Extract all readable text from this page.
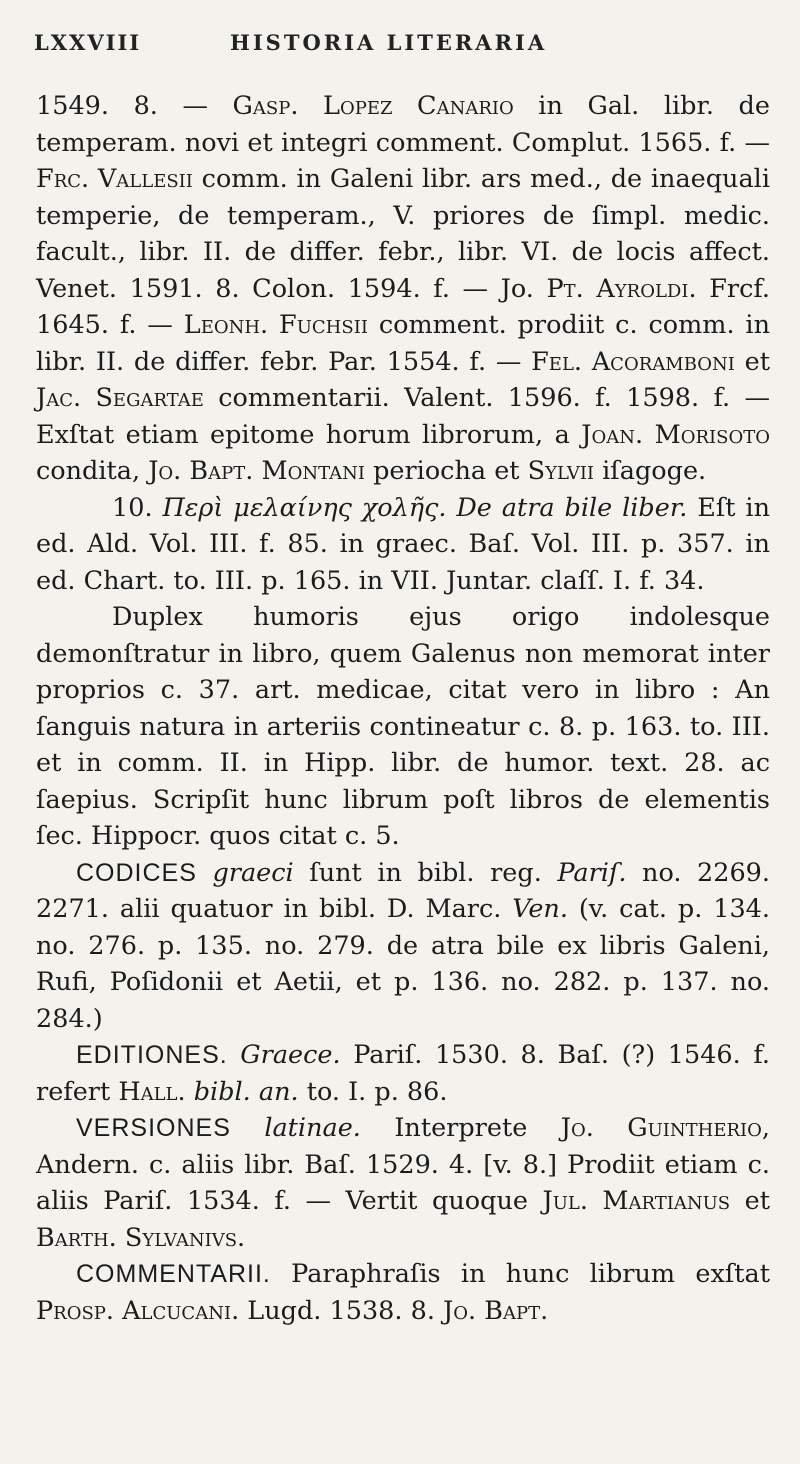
LXXVIII	HISTORIA LITERARIA

1549. 8. — Gasp. Lopez Canario in Gal. libr. de temperam. novi et integri comment. Complut. 1565. f. — Frc. Vallesii comm. in Galeni libr. ars med., de inaequali temperie, de temperam., V. priores de ſimpl. medic. facult., libr. II. de differ. febr., libr. VI. de locis affect. Venet. 1591. 8. Colon. 1594. f. — Jo. Pt. Ayroldi. Frcf. 1645. f. — Leonh. Fuchsii comment. prodiit c. comm. in libr. II. de differ. febr. Par. 1554. f. — Fel. Acoramboni et Jac. Segartae commentarii. Valent. 1596. f. 1598. f. — Exſtat etiam epitome horum librorum, a Joan. Morisoto condita, Jo. Bapt. Montani periocha et Sylvii iſagoge.

10. Περὶ μελαίνης χολῆς. De atra bile liber. Eſt in ed. Ald. Vol. III. f. 85. in graec. Baſ. Vol. III. p. 357. in ed. Chart. to. III. p. 165. in VII. Juntar. claſſ. I. f. 34.

Duplex humoris ejus origo indolesque demonſtratur in libro, quem Galenus non memorat inter proprios c. 37. art. medicae, citat vero in libro : An ſanguis natura in arteriis contineatur c. 8. p. 163. to. III. et in comm. II. in Hipp. libr. de humor. text. 28. ac ſaepius. Scripſit hunc librum poſt libros de elementis ſec. Hippocr. quos citat c. 5.

CODICES graeci ſunt in bibl. reg. Pariſ. no. 2269. 2271. alii quatuor in bibl. D. Marc. Ven. (v. cat. p. 134. no. 276. p. 135. no. 279. de atra bile ex libris Galeni, Rufi, Poſidonii et Aetii, et p. 136. no. 282. p. 137. no. 284.)

EDITIONES. Graece. Pariſ. 1530. 8. Baſ. (?) 1546. f. refert Hall. bibl. an. to. I. p. 86.

VERSIONES latinae. Interprete Jo. Guintherio, Andern. c. aliis libr. Baſ. 1529. 4. [v. 8.] Prodiit etiam c. aliis Pariſ. 1534. f. — Vertit quoque Jul. Martianus et Barth. Sylvanivs.

COMMENTARII. Paraphraſis in hunc librum exſtat Prosp. Alcucani. Lugd. 1538. 8. Jo. Bapt.
